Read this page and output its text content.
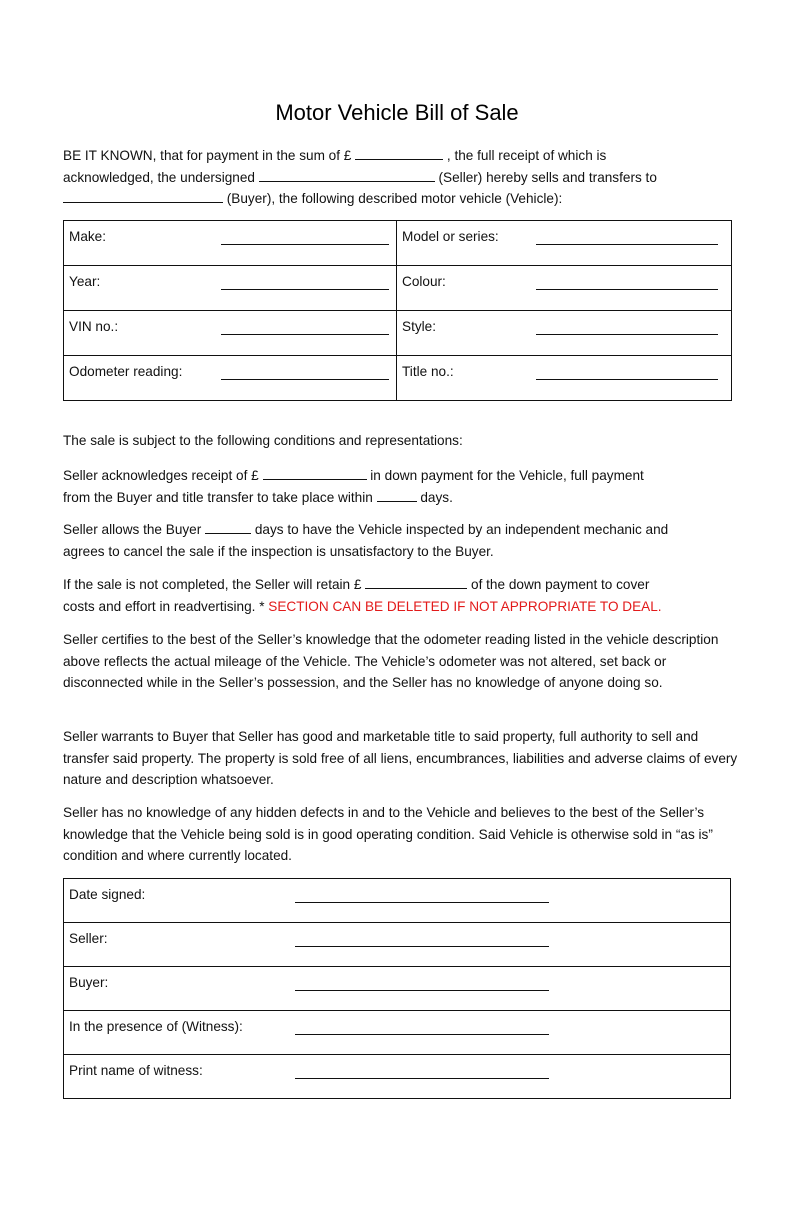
Motor Vehicle Bill of Sale

BE IT KNOWN, that for payment in the sum of £	, the full receipt of which is
acknowledged, the undersigned	(Seller) hereby sells and transfers to
(Buyer), the following described motor vehicle (Vehicle):

Make:	Model or series:

Year:	Colour:

VIN no.:	Style:

Odometer reading:	Title no.:

The sale is subject to the following conditions and representations:

Seller acknowledges receipt of £	in down payment for the Vehicle, full payment
from the Buyer and title transfer to take place within	days.

Seller allows the Buyer	days to have the Vehicle inspected by an independent mechanic and
agrees to cancel the sale if the inspection is unsatisfactory to the Buyer.

If the sale is not completed, the Seller will retain £	of the down payment to cover
costs and effort in readvertising. * SECTION CAN BE DELETED IF NOT APPROPRIATE TO DEAL.

Seller certifies to the best of the Seller’s knowledge that the odometer reading listed in the vehicle description above reflects the actual mileage of the Vehicle. The Vehicle’s odometer was not altered, set back or disconnected while in the Seller’s possession, and the Seller has no knowledge of anyone doing so.

Seller warrants to Buyer that Seller has good and marketable title to said property, full authority to sell and transfer said property. The property is sold free of all liens, encumbrances, liabilities and adverse claims of every nature and description whatsoever.

Seller has no knowledge of any hidden defects in and to the Vehicle and believes to the best of the Seller’s knowledge that the Vehicle being sold is in good operating condition. Said Vehicle is otherwise sold in “as is” condition and where currently located.

Date signed:

Seller:

Buyer:

In the presence of (Witness):

Print name of witness:
